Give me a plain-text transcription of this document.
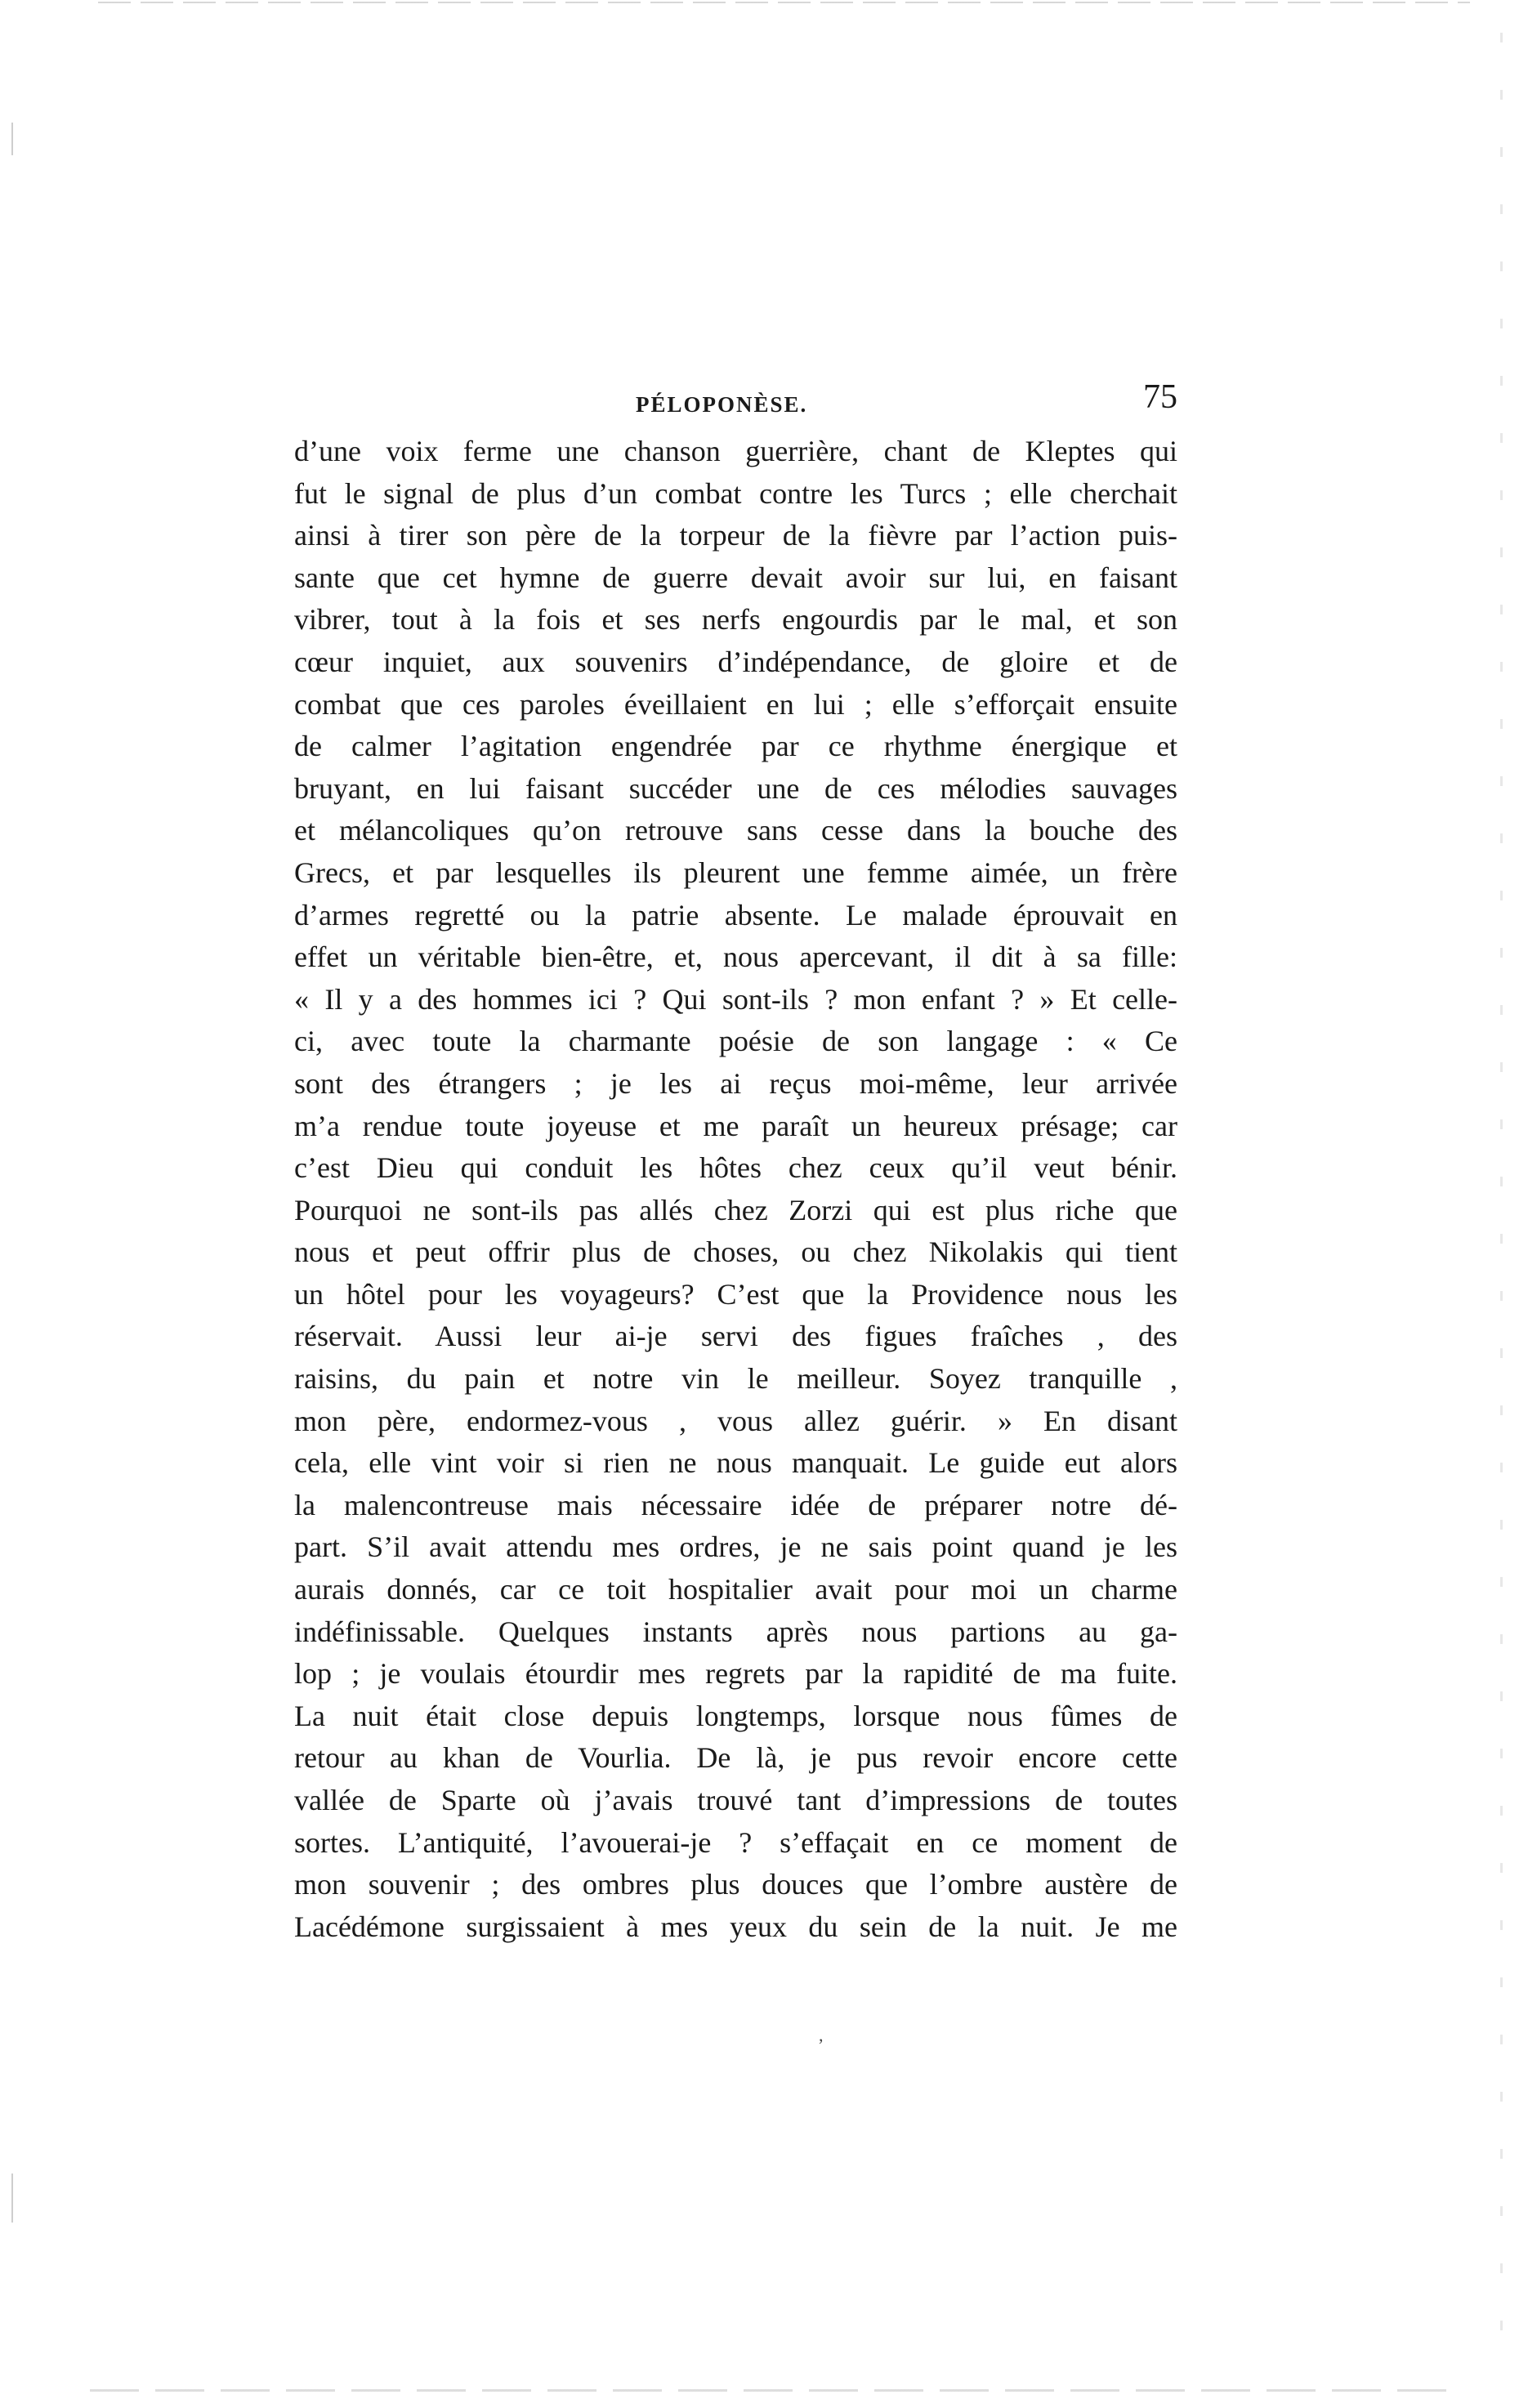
PÉLOPONÈSE.	75
d’une voix ferme une chanson guerrière, chant de Kleptes qui
fut le signal de plus d’un combat contre les Turcs ; elle cherchait
ainsi à tirer son père de la torpeur de la fièvre par l’action puis-
sante que cet hymne de guerre devait avoir sur lui, en faisant
vibrer, tout à la fois et ses nerfs engourdis par le mal, et son
cœur inquiet, aux souvenirs d’indépendance, de gloire et de
combat que ces paroles éveillaient en lui ; elle s’efforçait ensuite
de calmer l’agitation engendrée par ce rhythme énergique et
bruyant, en lui faisant succéder une de ces mélodies sauvages
et mélancoliques qu’on retrouve sans cesse dans la bouche des
Grecs, et par lesquelles ils pleurent une femme aimée, un frère
d’armes regretté ou la patrie absente. Le malade éprouvait en
effet un véritable bien-être, et, nous apercevant, il dit à sa fille:
« Il y a des hommes ici ? Qui sont-ils ? mon enfant ? » Et celle-
ci, avec toute la charmante poésie de son langage : « Ce
sont des étrangers ; je les ai reçus moi-même, leur arrivée
m’a rendue toute joyeuse et me paraît un heureux présage; car
c’est Dieu qui conduit les hôtes chez ceux qu’il veut bénir.
Pourquoi ne sont-ils pas allés chez Zorzi qui est plus riche que
nous et peut offrir plus de choses, ou chez Nikolakis qui tient
un hôtel pour les voyageurs? C’est que la Providence nous les
réservait. Aussi leur ai-je servi des figues fraîches , des
raisins, du pain et notre vin le meilleur. Soyez tranquille ,
mon père, endormez-vous , vous allez guérir. » En disant
cela, elle vint voir si rien ne nous manquait. Le guide eut alors
la malencontreuse mais nécessaire idée de préparer notre dé-
part. S’il avait attendu mes ordres, je ne sais point quand je les
aurais donnés, car ce toit hospitalier avait pour moi un charme
indéfinissable. Quelques instants après nous partions au ga-
lop ; je voulais étourdir mes regrets par la rapidité de ma fuite.
La nuit était close depuis longtemps, lorsque nous fûmes de
retour au khan de Vourlia. De là, je pus revoir encore cette
vallée de Sparte où j’avais trouvé tant d’impressions de toutes
sortes. L’antiquité, l’avouerai-je ? s’effaçait en ce moment de
mon souvenir ; des ombres plus douces que l’ombre austère de
Lacédémone surgissaient à mes yeux du sein de la nuit. Je me
,
